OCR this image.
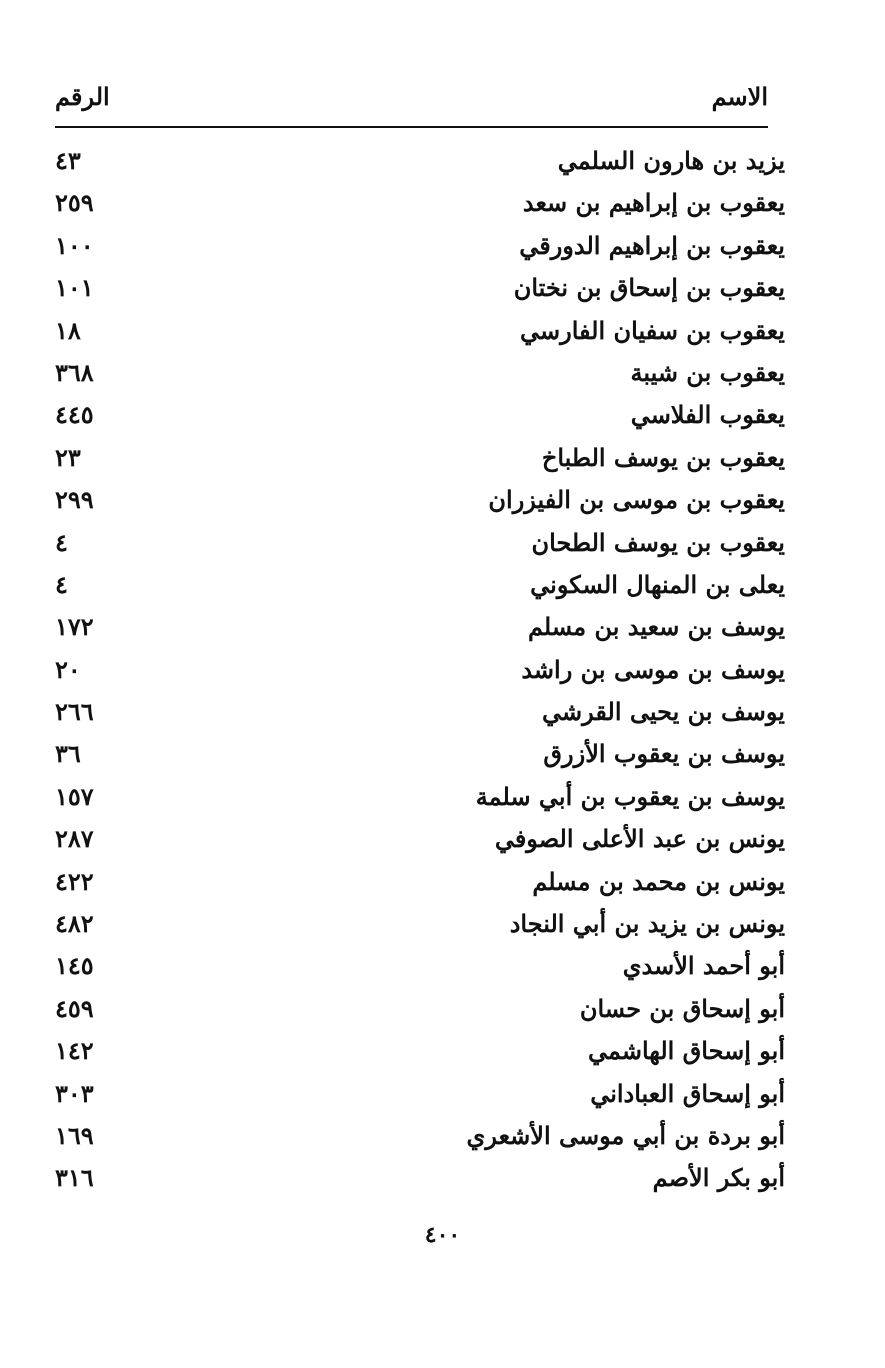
الاسم
الرقم
يزيد بن هارون السلمي
٤٣
يعقوب بن إبراهيم بن سعد
٢٥٩
يعقوب بن إبراهيم الدورقي
١٠٠
يعقوب بن إسحاق بن نختان
١٠١
يعقوب بن سفيان الفارسي
١٨
يعقوب بن شيبة
٣٦٨
يعقوب الفلاسي
٤٤٥
يعقوب بن يوسف الطباخ
٢٣
يعقوب بن موسى بن الفيزران
٢٩٩
يعقوب بن يوسف الطحان
٤
يعلى بن المنهال السكوني
٤
يوسف بن سعيد بن مسلم
١٧٢
يوسف بن موسى بن راشد
٢٠
يوسف بن يحيى القرشي
٢٦٦
يوسف بن يعقوب الأزرق
٣٦
يوسف بن يعقوب بن أبي سلمة
١٥٧
يونس بن عبد الأعلى الصوفي
٢٨٧
يونس بن محمد بن مسلم
٤٢٢
يونس بن يزيد بن أبي النجاد
٤٨٢
أبو أحمد الأسدي
١٤٥
أبو إسحاق بن حسان
٤٥٩
أبو إسحاق الهاشمي
١٤٢
أبو إسحاق العباداني
٣٠٣
أبو بردة بن أبي موسى الأشعري
١٦٩
أبو بكر الأصم
٣١٦
٤٠٠
